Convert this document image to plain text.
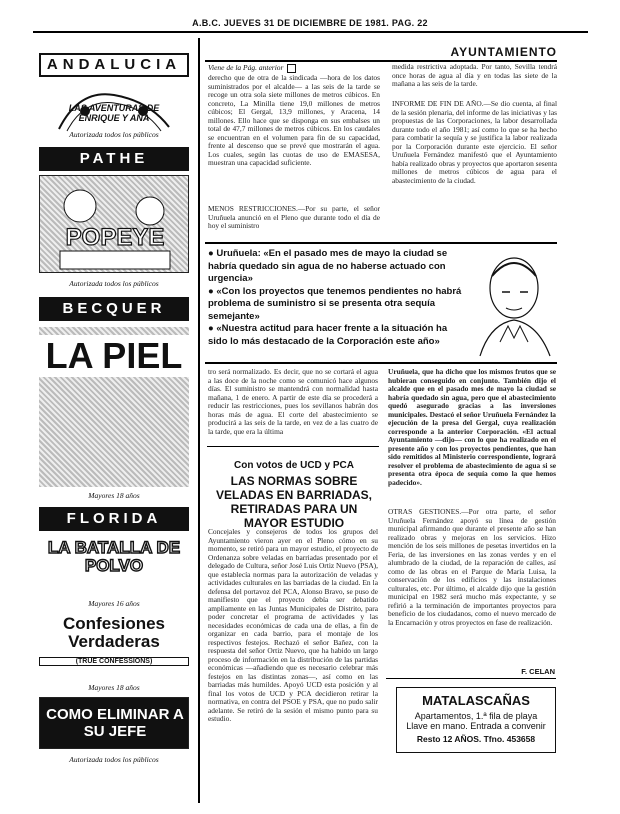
A.B.C. JUEVES 31 DE DICIEMBRE DE 1981. PAG. 22
ANDALUCIA
LAS AVENTURAS DE ENRIQUE Y ANA
Autorizada todos los públicos
PATHE
POPEYE
Autorizada todos los públicos
BECQUER
LA PIEL
Mayores 18 años
FLORIDA
LA BATALLA DE POLVO
Mayores 16 años
Confesiones Verdaderas
(TRUE CONFESSIONS)
Mayores 18 años
COMO ELIMINAR A SU JEFE
Autorizada todos los públicos
AYUNTAMIENTO
Viene de la Pág. anterior
derecho que de otra de la sindicada —hora de los datos suministrados por el alcalde— a las seis de la tarde se recoge un otra sola siete millones de metros cúbicos. En concreto, La Minilla tiene 19,0 millones de metros cúbicos; El Gergal, 13,9 millones, y Aracena, 14 millones. Ello hace que se disponga en sus embalses un total de 47,7 millones de metros cúbicos. En los caudales se encuentran en el volumen para fin de su capacidad, frente al descenso que se prevé que mostrarán el agua. Los cuales, según las cuotas de uso de EMASESA, muestran una capacidad suficiente.
MENOS RESTRICCIONES.—Por su parte, el señor Uruñuela anunció en el Pleno que durante todo el día de hoy el suministro
medida restrictiva adoptada. Por tanto, Sevilla tendrá once horas de agua al día y en todas las siete de la mañana a las seis de la tarde.
INFORME DE FIN DE AÑO.—Se dio cuenta, al final de la sesión plenaria, del informe de las iniciativas y las propuestas de las Corporaciones, la labor desarrollada durante todo el año 1981; así como lo que se ha hecho para combatir la sequía y se justifica la labor realizada por la Corporación durante este ejercicio. El señor Uruñuela Fernández manifestó que el Ayuntamiento había realizado obras y proyectos que aportaron sesenta millones de metros cúbicos de agua para el abastecimiento de la ciudad.
● Uruñuela: «En el pasado mes de mayo la ciudad se habría quedado sin agua de no haberse actuado con urgencia»
● «Con los proyectos que tenemos pendientes no habrá problema de suministro si se presenta otra sequía semejante»
● «Nuestra actitud para hacer frente a la situación ha sido lo más destacado de la Corporación este año»
tro será normalizado. Es decir, que no se cortará el agua a las doce de la noche como se comunicó hace algunos días. El suministro se mantendrá con normalidad hasta mañana, 1 de enero. A partir de este día se procederá a reducir las restricciones, pues los sevillanos habrán dos horas más de agua. El corte del abastecimiento se producirá a las seis de la tarde, en vez de a las cuatro de la tarde, que era la última
Con votos de UCD y PCA
LAS NORMAS SOBRE VELADAS EN BARRIADAS, RETIRADAS PARA UN MAYOR ESTUDIO
Concejales y consejeros de todos los grupos del Ayuntamiento vieron ayer en el Pleno cómo en su momento, se retiró para un mayor estudio, el proyecto de Ordenanza sobre veladas en barriadas presentado por el delegado de Cultura, señor José Luis Ortiz Nuevo (PSA), que establecía normas para la autorización de veladas y actividades culturales en las barriadas de la ciudad. En la defensa del portavoz del PCA, Alonso Bravo, se puso de manifiesto que el proyecto debía ser debatido ampliamente en las Juntas Municipales de Distrito, para poder concretar el programa de actividades y las necesidades económicas de cada una de ellas, a fin de organizar en cada barrio, para el montaje de los respectivos festejos. Rechazó el señor Bañez, con la respuesta del señor Ortiz Nuevo, que ha habido un largo proceso de información en la distribución de las partidas económicas —añadiendo que es necesario celebrar más festejos en las distintas zonas—, así como en las barriadas más humildes. Apoyó UCD esta posición y al final los votos de UCD y PCA decidieron retirar la normativa, en contra del PSOE y PSA, que no pudo salir adelante. Se retiró de la sesión el mismo punto para su estudio.
Uruñuela, que ha dicho que los mismos frutos que se hubieran conseguido en conjunto. También dijo el alcalde que en el pasado mes de mayo la ciudad se habría quedado sin agua, pero que el abastecimiento quedó asegurado gracias a las inversiones municipales. Destacó el señor Uruñuela Fernández la ejecución de la presa del Gergal, cuya realización corresponde a la anterior Corporación. «El actual Ayuntamiento —dijo— con lo que ha realizado en el presente año y con los proyectos pendientes, que han sido remitidos al Ministerio correspondiente, logrará resolver el problema de abastecimiento de agua si se presenta otra época de sequía como la que hemos padecido».
OTRAS GESTIONES.—Por otra parte, el señor Uruñuela Fernández apoyó su línea de gestión municipal afirmando que durante el presente año se han realizado obras y mejoras en los servicios. Hizo mención de los seis millones de pesetas invertidos en la Feria, de las inversiones en las zonas verdes y en el alumbrado de la ciudad, de la reparación de calles, así como de las obras en el Parque de María Luisa, la conservación de los edificios y las instalaciones culturales, etc. Por último, el alcalde dijo que la gestión municipal en 1982 será mucho más expectante, y se refirió a la terminación de importantes proyectos para beneficio de los ciudadanos, como el nuevo mercado de la Encarnación y otros proyectos en fase de realización.
F. CELAN
MATALASCAÑAS
Apartamentos, 1.ª fila de playa Llave en mano. Entrada a convenir
Resto 12 AÑOS. Tfno. 453658
